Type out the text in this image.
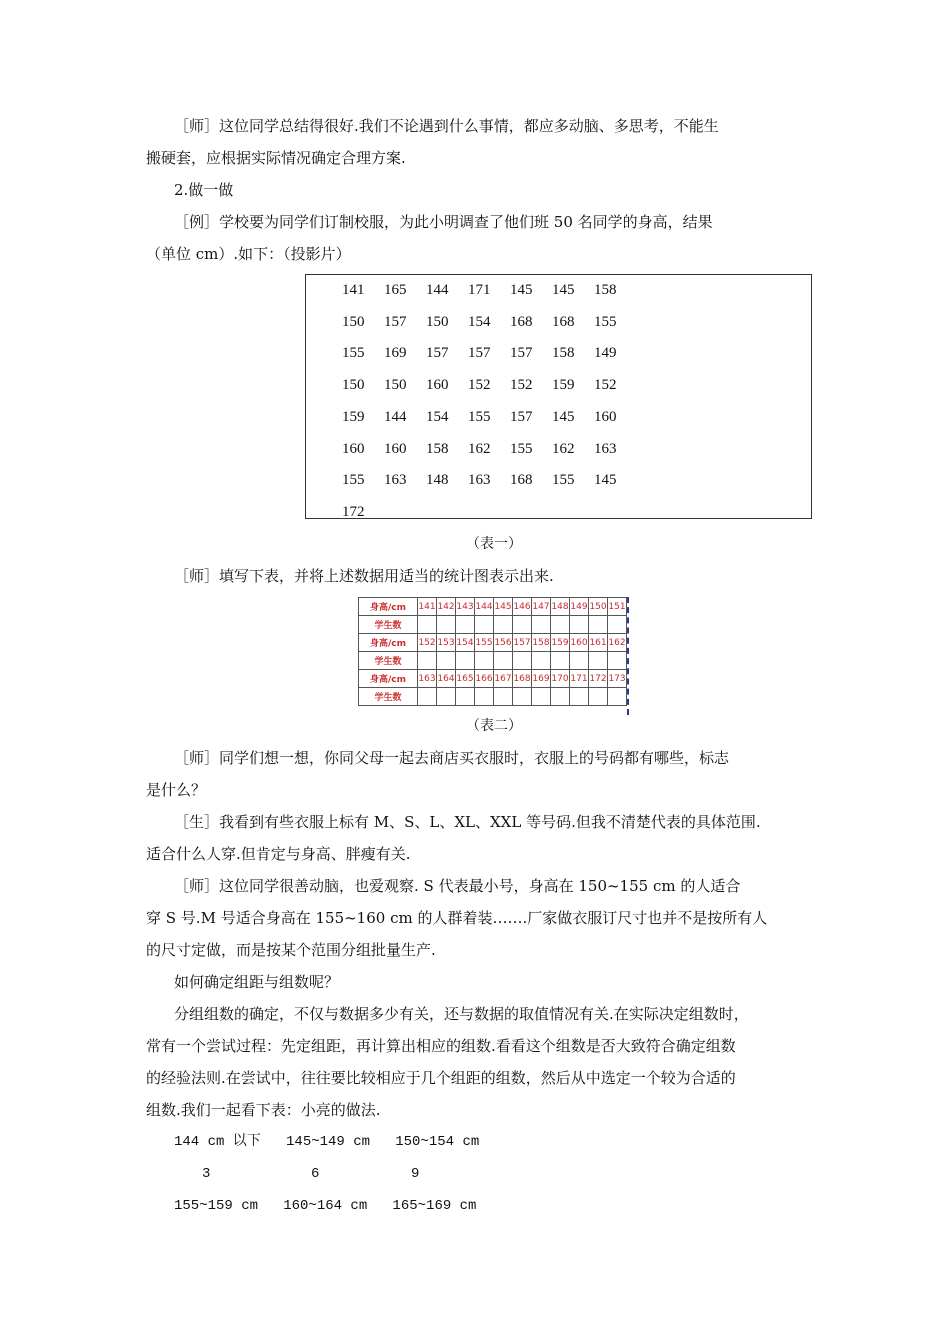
［师］这位同学总结得很好.我们不论遇到什么事情，都应多动脑、多思考，不能生
搬硬套，应根据实际情况确定合理方案.
2.做一做
［例］学校要为同学们订制校服，为此小明调查了他们班 50 名同学的身高，结果
（单位 cm）.如下：（投影片）
141	165	144	171	145	145	158
150	157	150	154	168	168	155
155	169	157	157	157	158	149
150	150	160	152	152	159	152
159	144	154	155	157	145	160
160	160	158	162	155	162	163
155	163	148	163	168	155	145
172
（表一）
［师］填写下表，并将上述数据用适当的统计图表示出来.
身高/cm	141	142	143	144	145	146	147	148	149	150	151
学生数											
身高/cm	152	153	154	155	156	157	158	159	160	161	162
学生数											
身高/cm	163	164	165	166	167	168	169	170	171	172	173
学生数											
（表二）
［师］同学们想一想，你同父母一起去商店买衣服时，衣服上的号码都有哪些，标志
是什么？
［生］我看到有些衣服上标有 M、S、L、XL、XXL 等号码.但我不清楚代表的具体范围.
适合什么人穿.但肯定与身高、胖瘦有关.
［师］这位同学很善动脑，也爱观察. S 代表最小号，身高在 150~155 cm 的人适合
穿 S 号.M 号适合身高在 155~160 cm 的人群着装…….厂家做衣服订尺寸也并不是按所有人
的尺寸定做，而是按某个范围分组批量生产.
如何确定组距与组数呢？
分组组数的确定，不仅与数据多少有关，还与数据的取值情况有关.在实际决定组数时，
常有一个尝试过程：先定组距，再计算出相应的组数.看看这个组数是否大致符合确定组数
的经验法则.在尝试中，往往要比较相应于几个组距的组数，然后从中选定一个较为合适的
组数.我们一起看下表：小亮的做法.
144 cm 以下   145~149 cm   150~154 cm
3	6	9
155~159 cm   160~164 cm   165~169 cm
